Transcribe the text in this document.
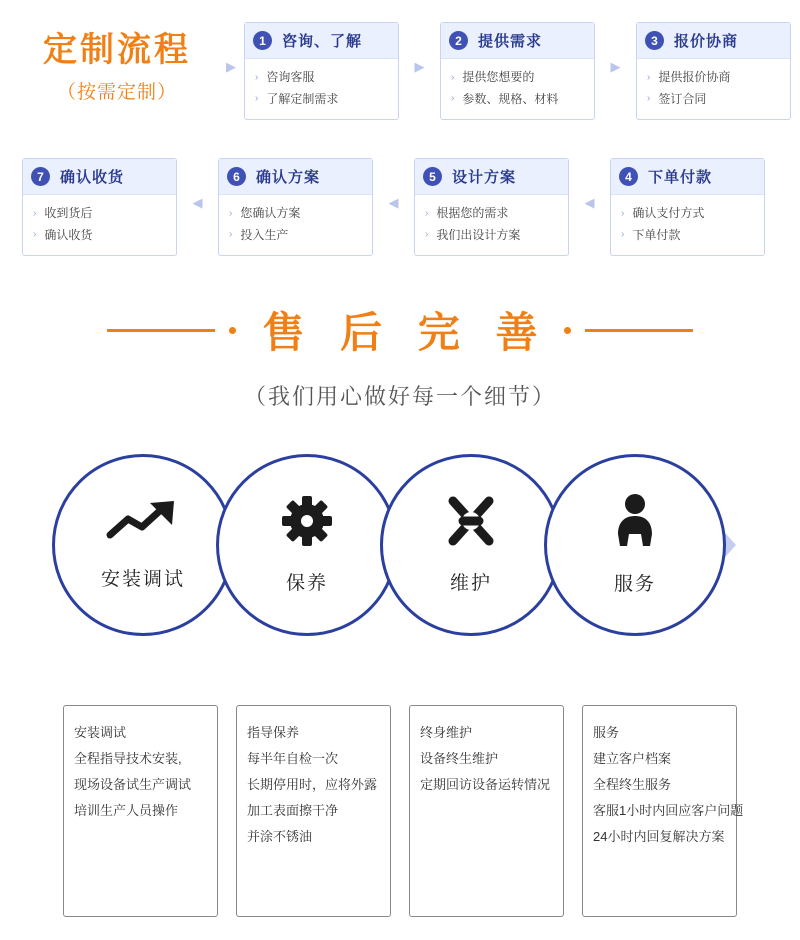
定制流程
（按需定制）
▶
1	咨询、了解
› 咨询客服
› 了解定制需求
▶
2	提供需求
› 提供您想要的
› 参数、规格、材料
▶
3	报价协商
› 提供报价协商
› 签订合同
7	确认收货
› 收到货后
› 确认收货
◀
6	确认方案
› 您确认方案
› 投入生产
◀
5	设计方案
› 根据您的需求
› 我们出设计方案
◀
4	下单付款
› 确认支付方式
› 下单付款
售 后 完 善
（我们用心做好每一个细节）
安装调试	保养	维护	服务
安装调试
全程指导技术安装,
现场设备试生产调试
培训生产人员操作
指导保养
每半年自检一次
长期停用时，应将外露
加工表面擦干净
并涂不锈油
终身维护
设备终生维护
定期回访设备运转情况
服务
建立客户档案
全程终生服务
客服1小时内回应客户问题
24小时内回复解决方案
